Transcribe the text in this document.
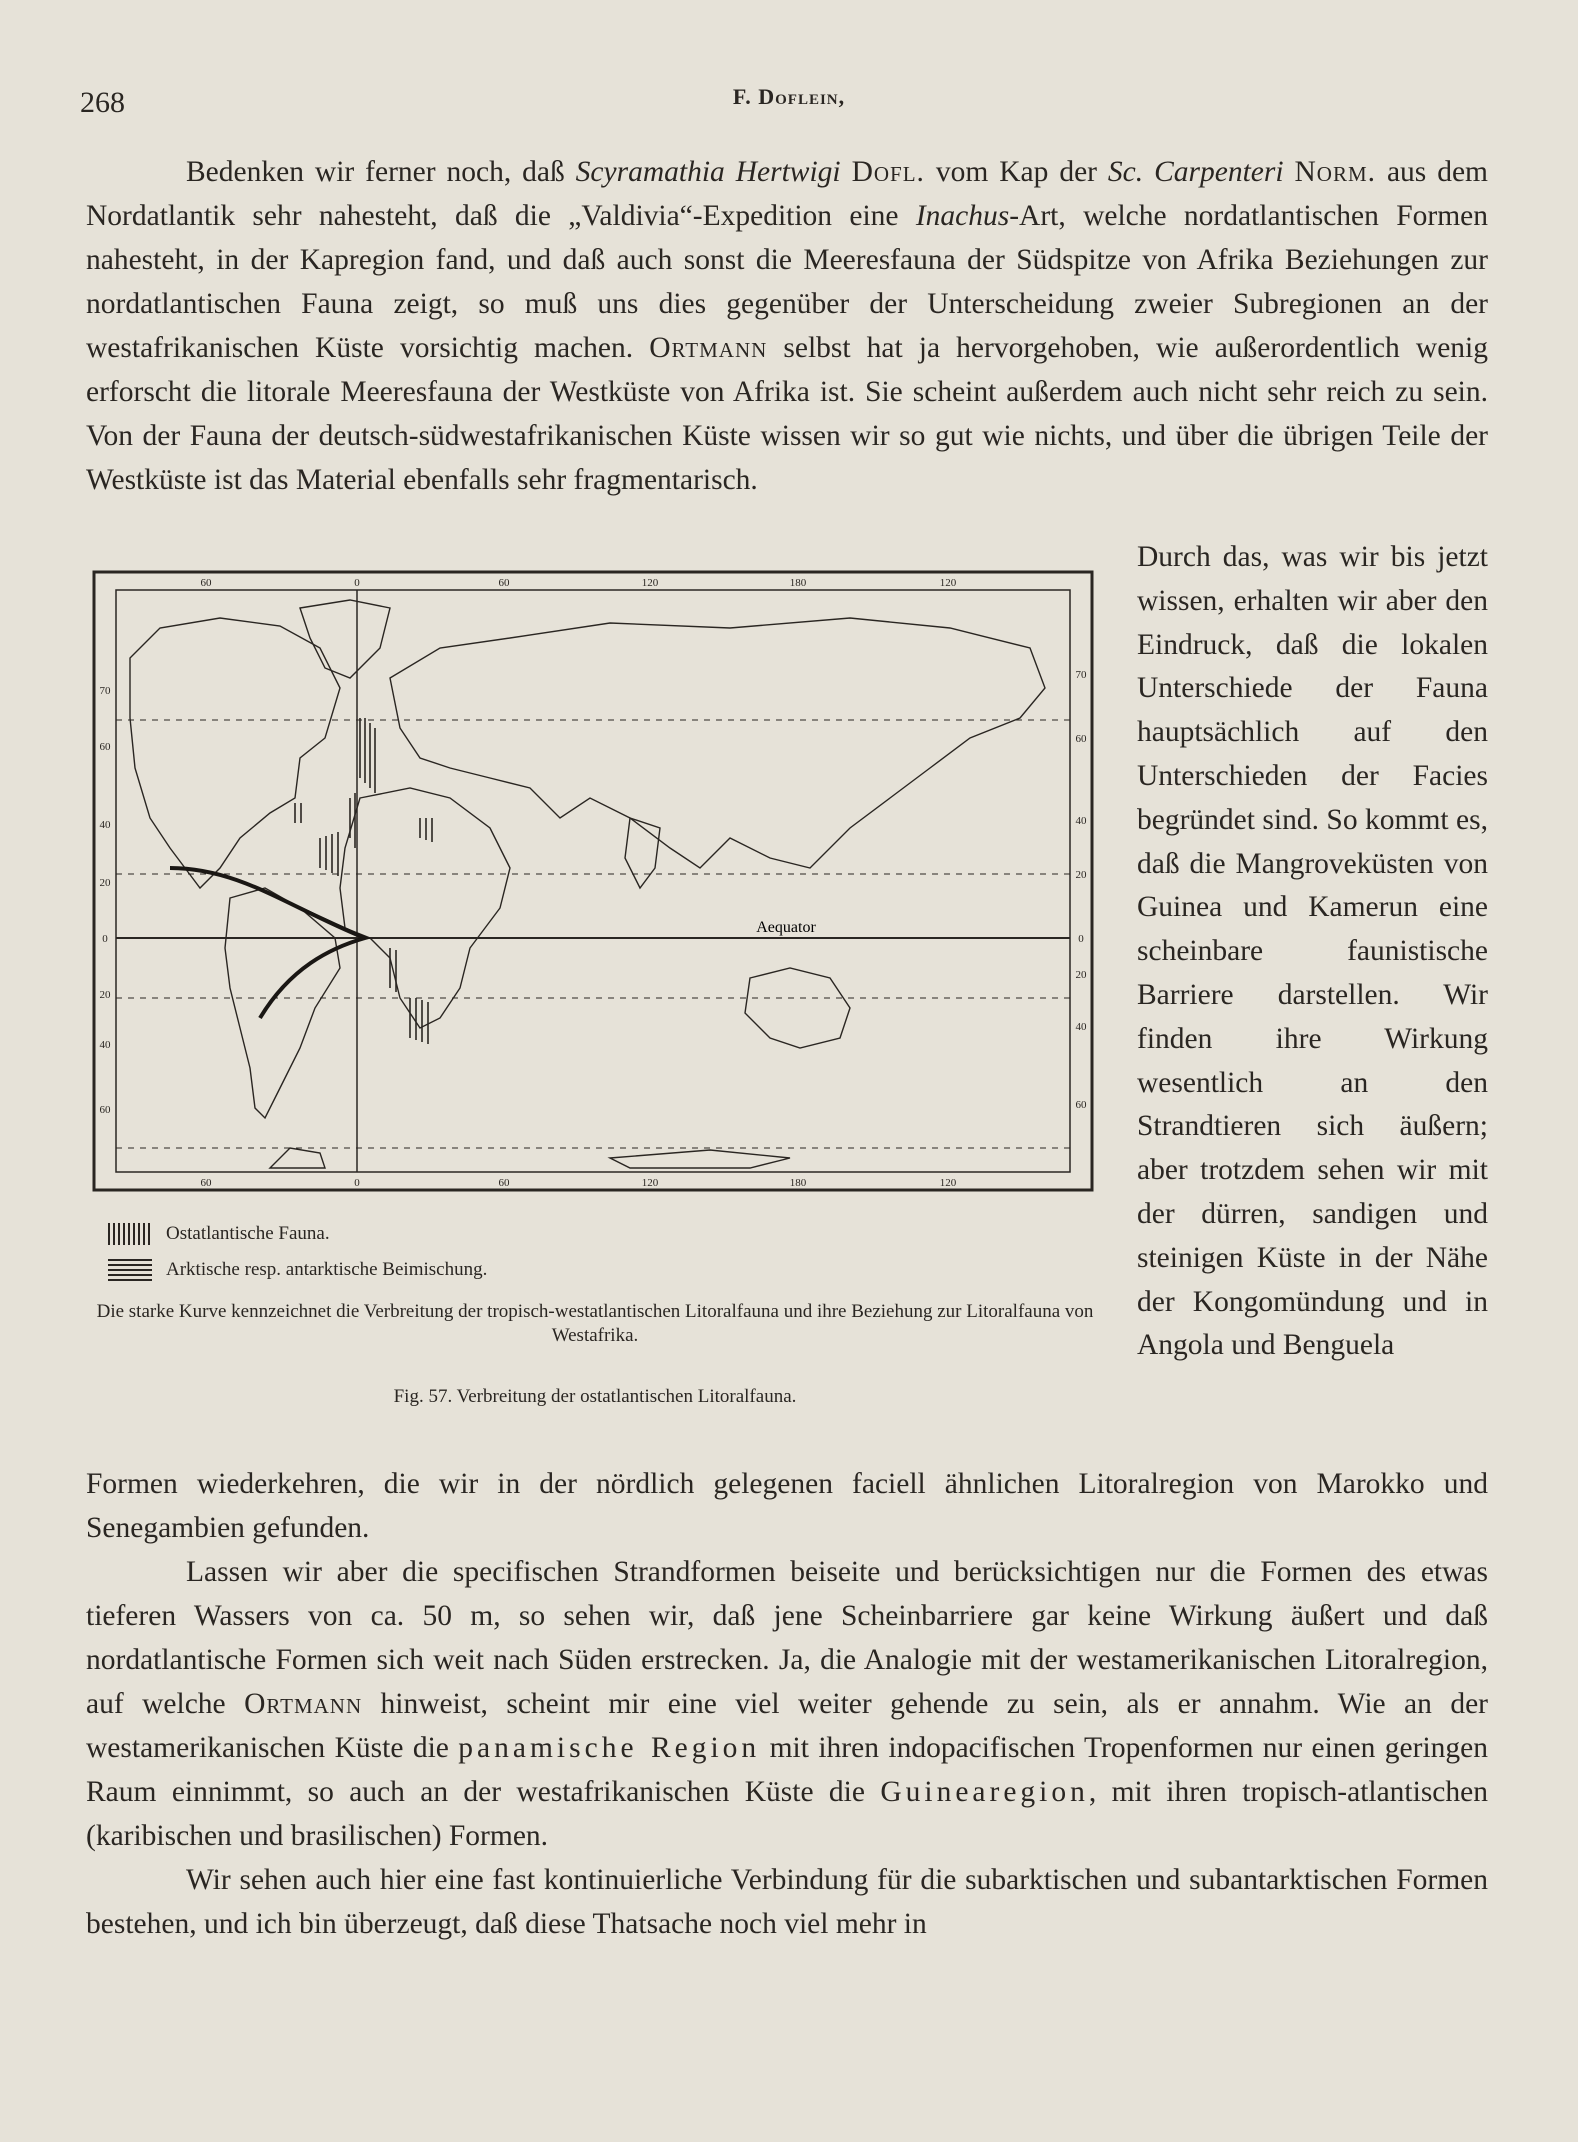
268	F. Doflein,

Bedenken wir ferner noch, daß Scyramathia Hertwigi Dofl. vom Kap der Sc. Carpenteri Norm. aus dem Nordatlantik sehr nahesteht, daß die „Valdivia“-Expedition eine Inachus-Art, welche nordatlantischen Formen nahesteht, in der Kapregion fand, und daß auch sonst die Meeresfauna der Südspitze von Afrika Beziehungen zur nordatlantischen Fauna zeigt, so muß uns dies gegenüber der Unterscheidung zweier Subregionen an der westafrikanischen Küste vorsichtig machen. Ortmann selbst hat ja hervorgehoben, wie außerordentlich wenig erforscht die litorale Meeresfauna der Westküste von Afrika ist. Sie scheint außerdem auch nicht sehr reich zu sein. Von der Fauna der deutsch-südwestafrikanischen Küste wissen wir so gut wie nichts, und über die übrigen Teile der Westküste ist das Material ebenfalls sehr fragmentarisch.

Aequator
60	0	60	120	180	120
60	0	60	120	180	120
70
60
40
20
0
20
40
60
70
60
40
20
0
20
40
60
Ostatlantische Fauna.
Arktische resp. antarktische Beimischung.
Die starke Kurve kennzeichnet die Verbreitung der tropisch-westatlantischen Litoralfauna und ihre Beziehung zur Litoralfauna von Westafrika.
Fig. 57. Verbreitung der ostatlantischen Litoralfauna.
Durch das, was wir bis jetzt wissen, erhalten wir aber den Eindruck, daß die lokalen Unterschiede der Fauna hauptsächlich auf den Unterschieden der Facies begründet sind. So kommt es, daß die Mangroveküsten von Guinea und Kamerun eine scheinbare faunistische Barriere darstellen. Wir finden ihre Wirkung wesentlich an den Strandtieren sich äußern; aber trotzdem sehen wir mit der dürren, sandigen und steinigen Küste in der Nähe der Kongomündung und in Angola und Benguela

Formen wiederkehren, die wir in der nördlich gelegenen faciell ähnlichen Litoralregion von Marokko und Senegambien gefunden.

Lassen wir aber die specifischen Strandformen beiseite und berücksichtigen nur die Formen des etwas tieferen Wassers von ca. 50 m, so sehen wir, daß jene Scheinbarriere gar keine Wirkung äußert und daß nordatlantische Formen sich weit nach Süden erstrecken. Ja, die Analogie mit der westamerikanischen Litoralregion, auf welche Ortmann hinweist, scheint mir eine viel weiter gehende zu sein, als er annahm. Wie an der westamerikanischen Küste die panamische Region mit ihren indopacifischen Tropenformen nur einen geringen Raum einnimmt, so auch an der westafrikanischen Küste die Guinearegion, mit ihren tropisch-atlantischen (karibischen und brasilischen) Formen.

Wir sehen auch hier eine fast kontinuierliche Verbindung für die subarktischen und subantarktischen Formen bestehen, und ich bin überzeugt, daß diese Thatsache noch viel mehr in
